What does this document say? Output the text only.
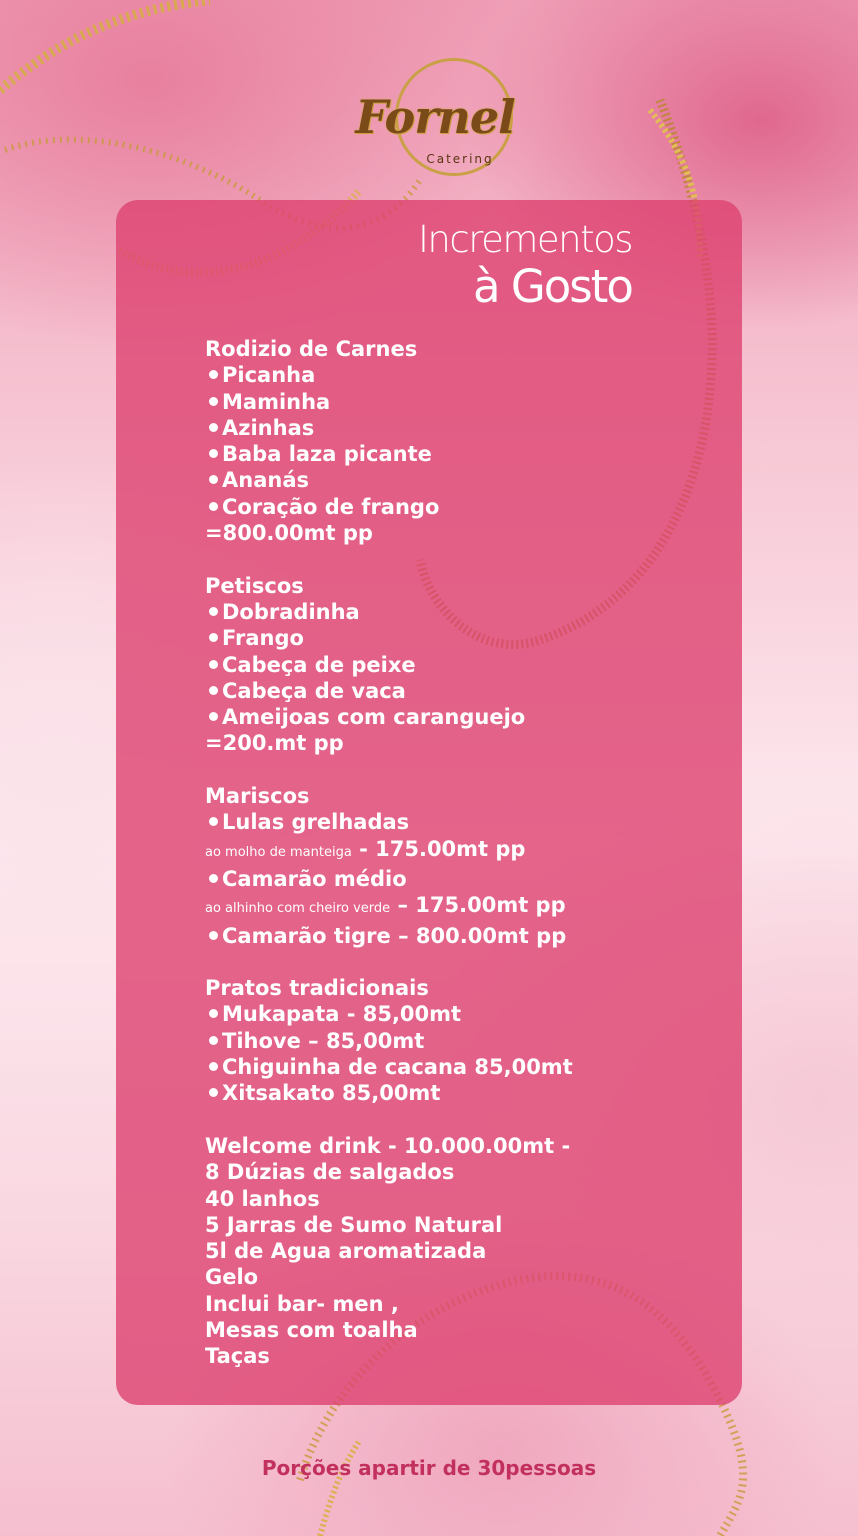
Fornel
Catering
Incrementos
à Gosto
Rodizio de Carnes
Picanha
Maminha
Azinhas
Baba laza picante
Ananás
Coração de frango
=800.00mt pp
Petiscos
Dobradinha
Frango
Cabeça de peixe
Cabeça de vaca
Ameijoas com caranguejo
=200.mt pp
Mariscos
Lulas grelhadas
ao molho de manteiga - 175.00mt pp
Camarão médio
ao alhinho com cheiro verde – 175.00mt pp
Camarão tigre – 800.00mt pp
Pratos tradicionais
Mukapata - 85,00mt
Tihove – 85,00mt
Chiguinha de cacana 85,00mt
Xitsakato 85,00mt
Welcome drink - 10.000.00mt -
8 Dúzias de salgados
40 lanhos
5 Jarras de Sumo Natural
5l de Agua aromatizada
Gelo
Inclui bar- men ,
Mesas com toalha
Taças
Porções apartir de 30pessoas
